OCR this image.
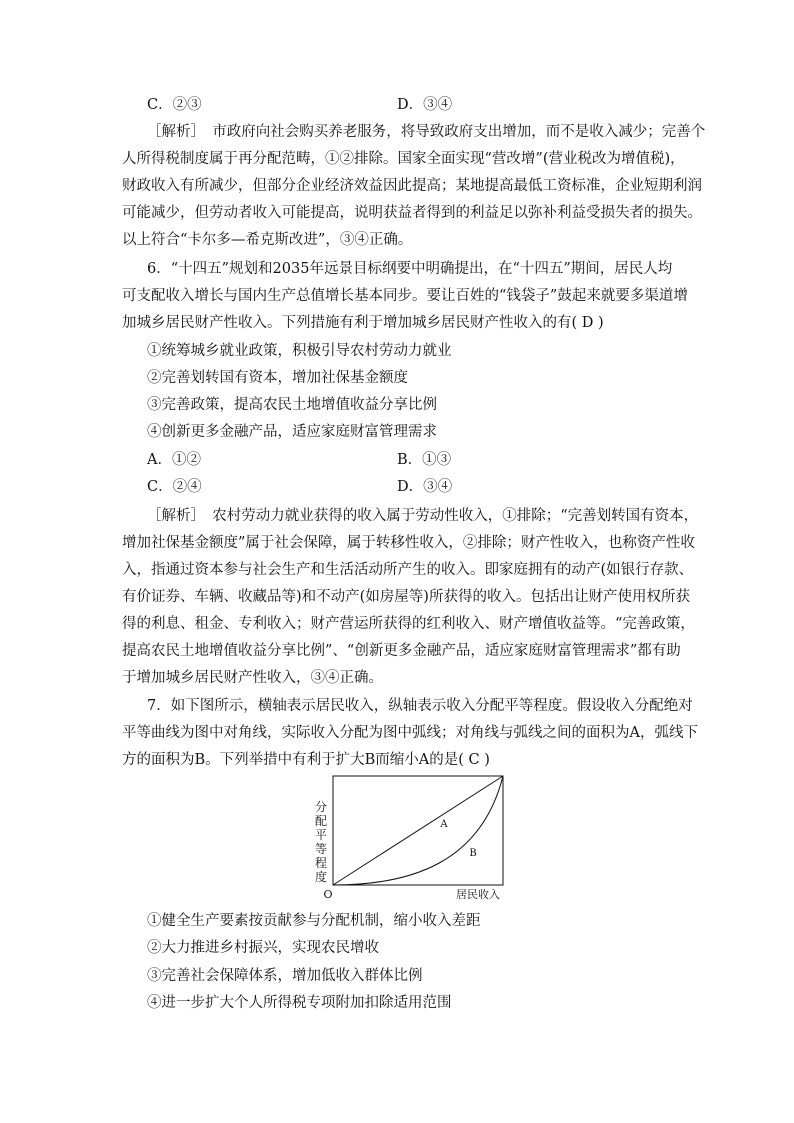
C．②③	D．③④
［解析］　市政府向社会购买养老服务，将导致政府支出增加，而不是收入减少；完善个
人所得税制度属于再分配范畴，①②排除。国家全面实现“营改增”(营业税改为增值税)，
财政收入有所减少，但部分企业经济效益因此提高；某地提高最低工资标准，企业短期利润
可能减少，但劳动者收入可能提高，说明获益者得到的利益足以弥补利益受损失者的损失。
以上符合“卡尔多—希克斯改进”，③④正确。
6．“十四五”规划和2035年远景目标纲要中明确提出，在“十四五”期间，居民人均
可支配收入增长与国内生产总值增长基本同步。要让百姓的“钱袋子”鼓起来就要多渠道增
加城乡居民财产性收入。下列措施有利于增加城乡居民财产性收入的有( D )
①统筹城乡就业政策，积极引导农村劳动力就业
②完善划转国有资本，增加社保基金额度
③完善政策，提高农民土地增值收益分享比例
④创新更多金融产品，适应家庭财富管理需求
A．①②	B．①③
C．②④	D．③④
［解析］　农村劳动力就业获得的收入属于劳动性收入，①排除；“完善划转国有资本，
增加社保基金额度”属于社会保障，属于转移性收入，②排除；财产性收入，也称资产性收
入，指通过资本参与社会生产和生活活动所产生的收入。即家庭拥有的动产(如银行存款、
有价证券、车辆、收藏品等)和不动产(如房屋等)所获得的收入。包括出让财产使用权所获
得的利息、租金、专利收入；财产营运所获得的红利收入、财产增值收益等。“完善政策，
提高农民土地增值收益分享比例”、“创新更多金融产品，适应家庭财富管理需求”都有助
于增加城乡居民财产性收入，③④正确。
7．如下图所示，横轴表示居民收入，纵轴表示收入分配平等程度。假设收入分配绝对
平等曲线为图中对角线，实际收入分配为图中弧线；对角线与弧线之间的面积为A，弧线下
方的面积为B。下列举措中有利于扩大B而缩小A的是( C )
分
配
平
等
程
度
O	居民收入
A
B
①健全生产要素按贡献参与分配机制，缩小收入差距
②大力推进乡村振兴，实现农民增收
③完善社会保障体系，增加低收入群体比例
④进一步扩大个人所得税专项附加扣除适用范围
